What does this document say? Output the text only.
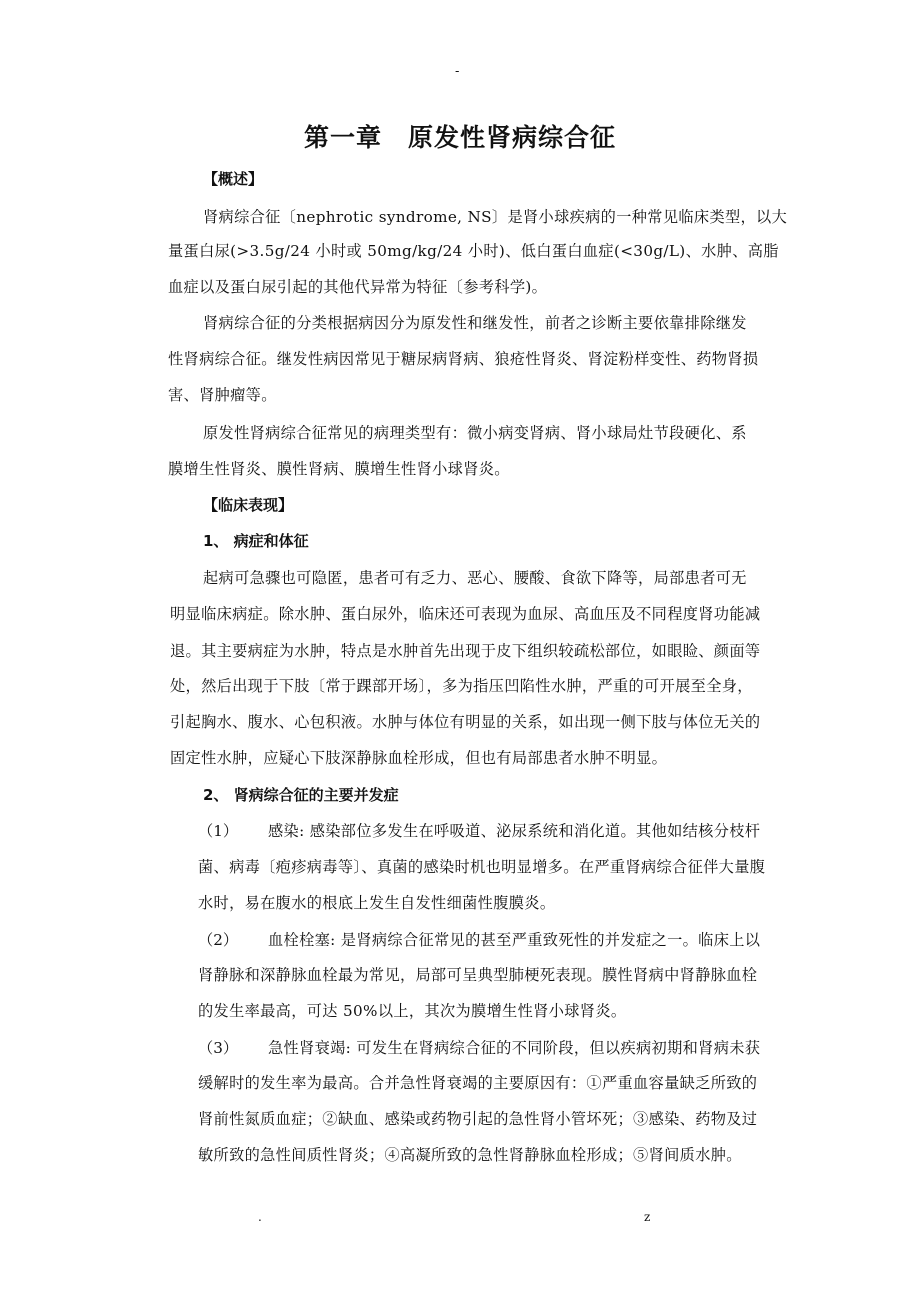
-
第一章　原发性肾病综合征
【概述】
肾病综合征〔nephrotic syndrome, NS〕是肾小球疾病的一种常见临床类型，以大
量蛋白尿(>3.5g/24 小时或 50mg/kg/24 小时)、低白蛋白血症(<30g/L)、水肿、高脂
血症以及蛋白尿引起的其他代异常为特征〔参考科学)。
肾病综合征的分类根据病因分为原发性和继发性，前者之诊断主要依靠排除继发
性肾病综合征。继发性病因常见于糖尿病肾病、狼疮性肾炎、肾淀粉样变性、药物肾损
害、肾肿瘤等。
原发性肾病综合征常见的病理类型有：微小病变肾病、肾小球局灶节段硬化、系
膜增生性肾炎、膜性肾病、膜增生性肾小球肾炎。
【临床表现】
1、 病症和体征
起病可急骤也可隐匿，患者可有乏力、恶心、腰酸、食欲下降等，局部患者可无
明显临床病症。除水肿、蛋白尿外，临床还可表现为血尿、高血压及不同程度肾功能减
退。其主要病症为水肿，特点是水肿首先出现于皮下组织较疏松部位，如眼睑、颜面等
处，然后出现于下肢〔常于踝部开场〕，多为指压凹陷性水肿，严重的可开展至全身，
引起胸水、腹水、心包积液。水肿与体位有明显的关系，如出现一侧下肢与体位无关的
固定性水肿，应疑心下肢深静脉血栓形成，但也有局部患者水肿不明显。
2、 肾病综合征的主要并发症
（1） 感染: 感染部位多发生在呼吸道、泌尿系统和消化道。其他如结核分枝杆
菌、病毒〔疱疹病毒等〕、真菌的感染时机也明显增多。在严重肾病综合征伴大量腹
水时，易在腹水的根底上发生自发性细菌性腹膜炎。
（2） 血栓栓塞: 是肾病综合征常见的甚至严重致死性的并发症之一。临床上以
肾静脉和深静脉血栓最为常见，局部可呈典型肺梗死表现。膜性肾病中肾静脉血栓
的发生率最高，可达 50%以上，其次为膜增生性肾小球肾炎。
（3） 急性肾衰竭: 可发生在肾病综合征的不同阶段，但以疾病初期和肾病未获
缓解时的发生率为最高。合并急性肾衰竭的主要原因有：①严重血容量缺乏所致的
肾前性氮质血症；②缺血、感染或药物引起的急性肾小管坏死；③感染、药物及过
敏所致的急性间质性肾炎；④高凝所致的急性肾静脉血栓形成；⑤肾间质水肿。
.	z
